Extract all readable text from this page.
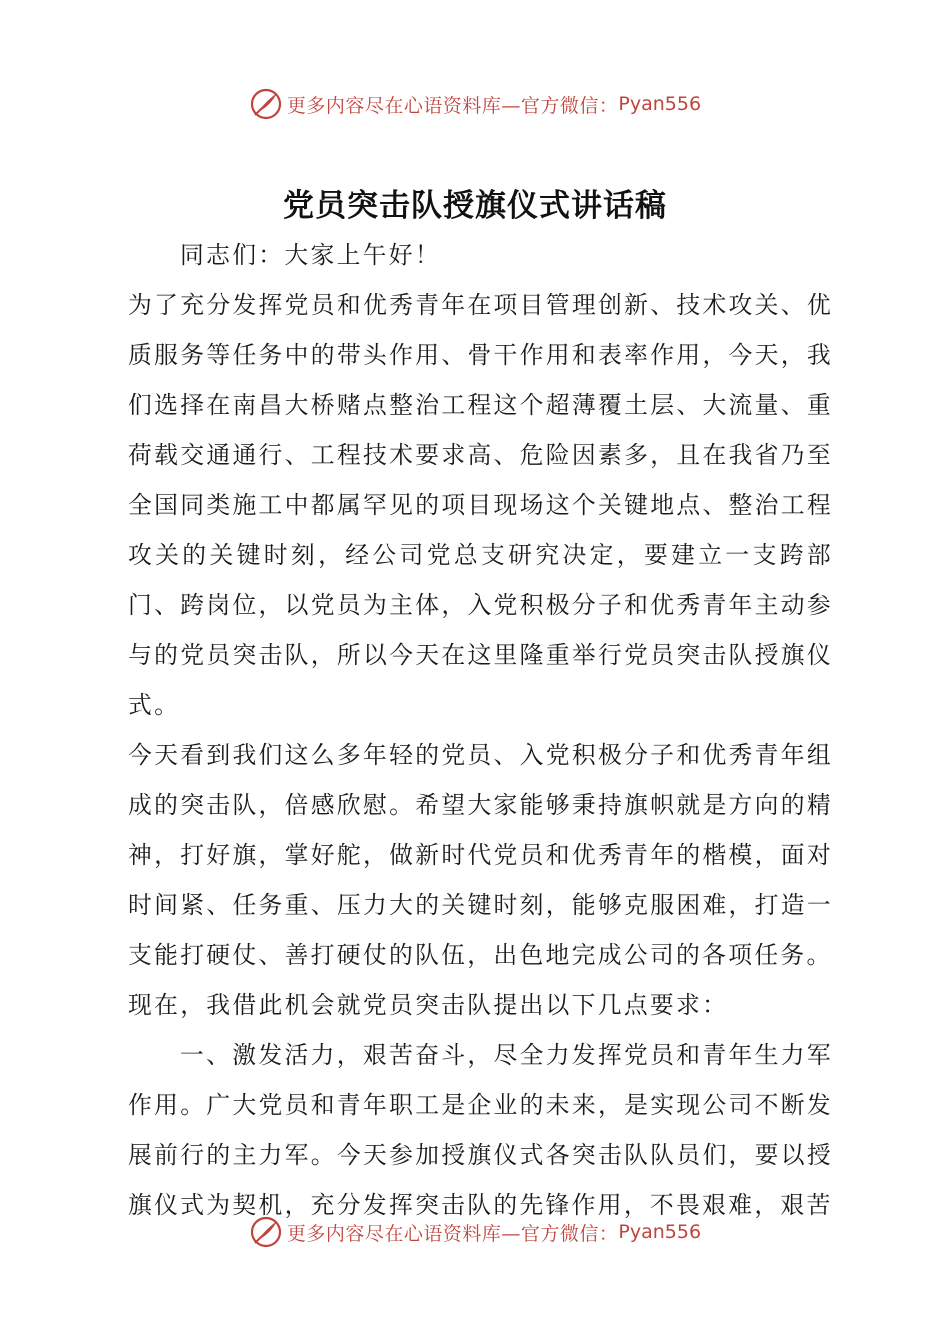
更多内容尽在心语资料库—官方微信： Pyan556
党员突击队授旗仪式讲话稿

同志们：大家上午好！

为了充分发挥党员和优秀青年在项目管理创新、技术攻关、优质服务等任务中的带头作用、骨干作用和表率作用，今天，我们选择在南昌大桥赌点整治工程这个超薄覆土层、大流量、重荷载交通通行、工程技术要求高、危险因素多，且在我省乃至全国同类施工中都属罕见的项目现场这个关键地点、整治工程攻关的关键时刻，经公司党总支研究决定，要建立一支跨部门、跨岗位，以党员为主体，入党积极分子和优秀青年主动参与的党员突击队，所以今天在这里隆重举行党员突击队授旗仪式。

今天看到我们这么多年轻的党员、入党积极分子和优秀青年组成的突击队，倍感欣慰。希望大家能够秉持旗帜就是方向的精神，打好旗，掌好舵，做新时代党员和优秀青年的楷模，面对时间紧、任务重、压力大的关键时刻，能够克服困难，打造一支能打硬仗、善打硬仗的队伍，出色地完成公司的各项任务。

现在，我借此机会就党员突击队提出以下几点要求：

一、激发活力，艰苦奋斗，尽全力发挥党员和青年生力军作用。广大党员和青年职工是企业的未来，是实现公司不断发展前行的主力军。今天参加授旗仪式各突击队队员们，要以授旗仪式为契机，充分发挥突击队的先锋作用，不畏艰难，艰苦

更多内容尽在心语资料库—官方微信： Pyan556
